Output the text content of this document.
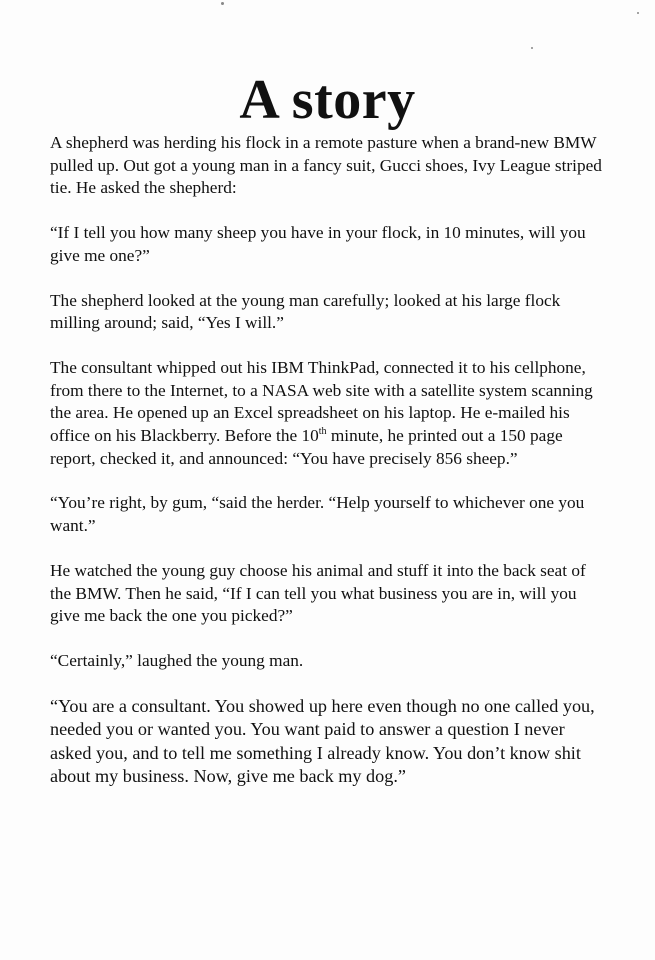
A story

A shepherd was herding his flock in a remote pasture when a brand-new BMW pulled up. Out got a young man in a fancy suit, Gucci shoes, Ivy League striped tie. He asked the shepherd:

“If I tell you how many sheep you have in your flock, in 10 minutes, will you give me one?”

The shepherd looked at the young man carefully; looked at his large flock milling around; said, “Yes I will.”

The consultant whipped out his IBM ThinkPad, connected it to his cellphone, from there to the Internet, to a NASA web site with a satellite system scanning the area. He opened up an Excel spreadsheet on his laptop. He e-mailed his office on his Blackberry. Before the 10th minute, he printed out a 150 page report, checked it, and announced: “You have precisely 856 sheep.”

“You’re right, by gum, “said the herder. “Help yourself to whichever one you want.”

He watched the young guy choose his animal and stuff it into the back seat of the BMW. Then he said, “If I can tell you what business you are in, will you give me back the one you picked?”

“Certainly,” laughed the young man.

“You are a consultant. You showed up here even though no one called you, needed you or wanted you. You want paid to answer a question I never asked you, and to tell me something I already know. You don’t know shit about my business. Now, give me back my dog.”
